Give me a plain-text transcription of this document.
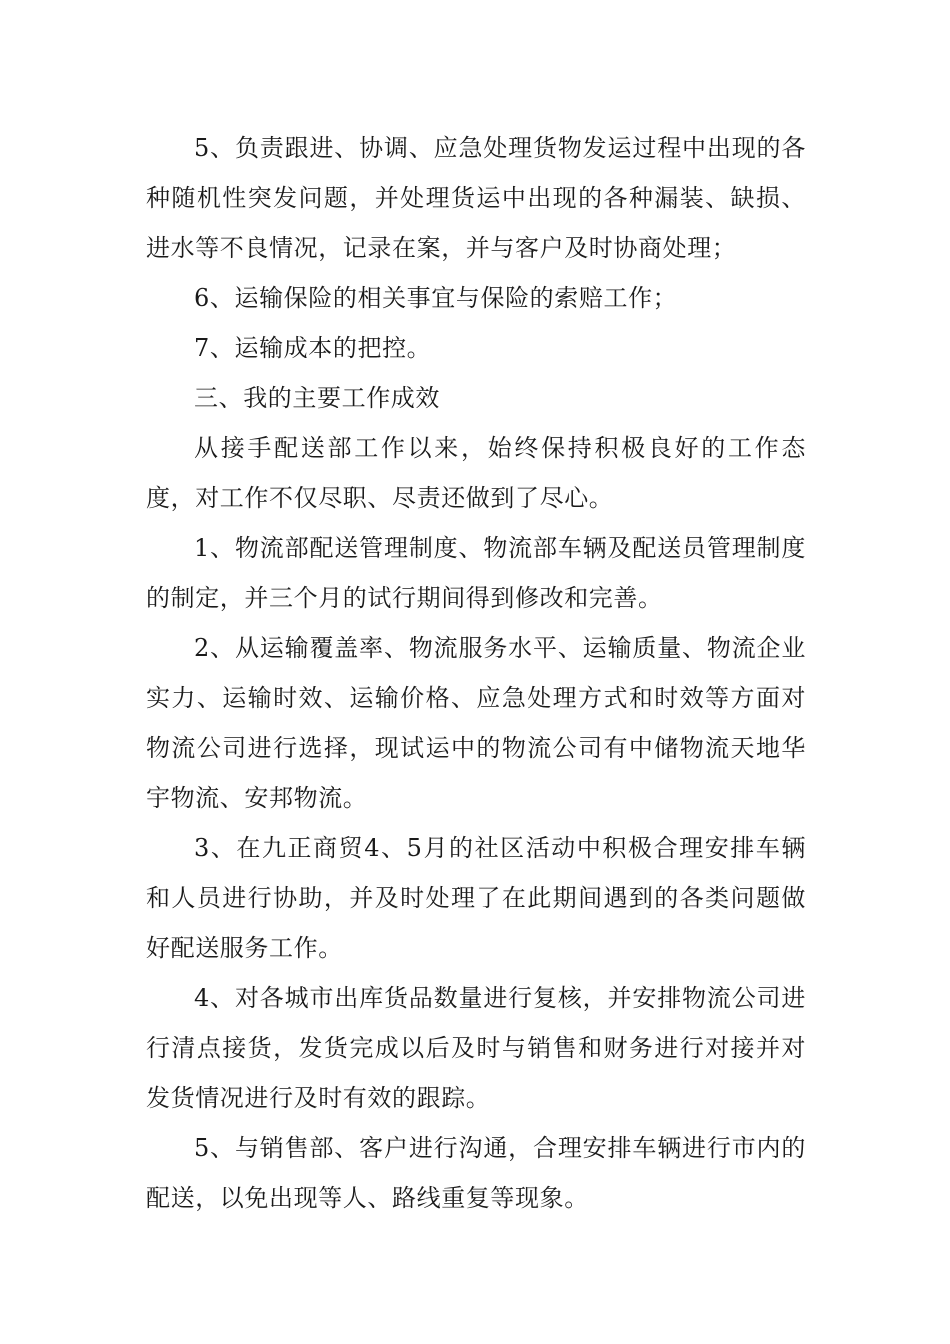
5、负责跟进、协调、应急处理货物发运过程中出现的各种随机性突发问题，并处理货运中出现的各种漏装、缺损、进水等不良情况，记录在案，并与客户及时协商处理；

6、运输保险的相关事宜与保险的索赔工作；

7、运输成本的把控。

三、我的主要工作成效

从接手配送部工作以来，始终保持积极良好的工作态度，对工作不仅尽职、尽责还做到了尽心。

1、物流部配送管理制度、物流部车辆及配送员管理制度的制定，并三个月的试行期间得到修改和完善。

2、从运输覆盖率、物流服务水平、运输质量、物流企业实力、运输时效、运输价格、应急处理方式和时效等方面对物流公司进行选择，现试运中的物流公司有中储物流天地华宇物流、安邦物流。

3、在九正商贸4、5月的社区活动中积极合理安排车辆和人员进行协助，并及时处理了在此期间遇到的各类问题做好配送服务工作。

4、对各城市出库货品数量进行复核，并安排物流公司进行清点接货，发货完成以后及时与销售和财务进行对接并对发货情况进行及时有效的跟踪。

5、与销售部、客户进行沟通，合理安排车辆进行市内的配送，以免出现等人、路线重复等现象。
